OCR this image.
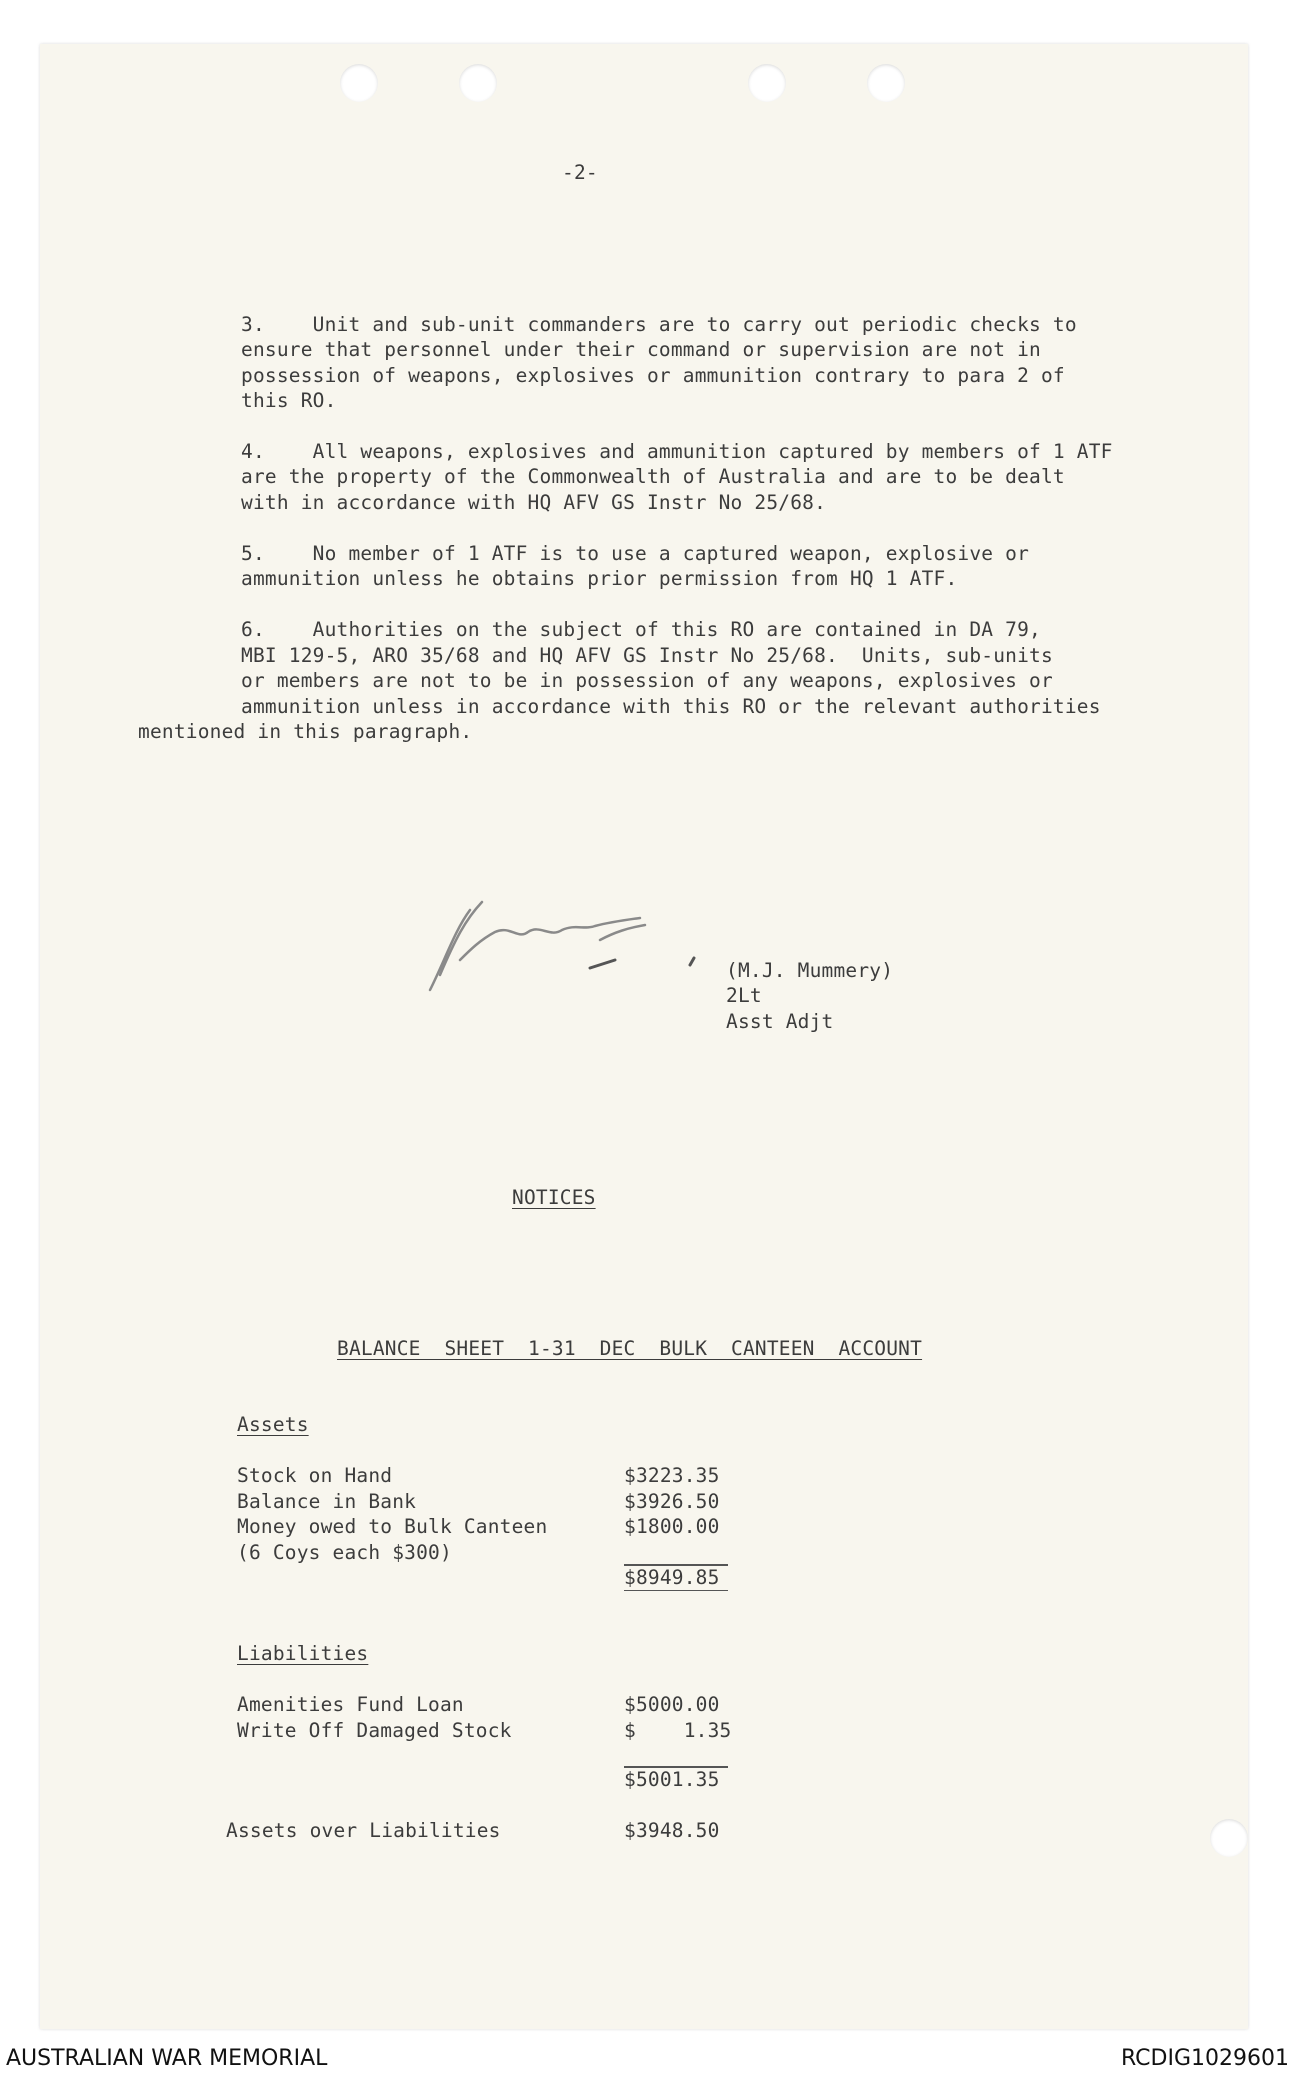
-2-
3.    Unit and sub-unit commanders are to carry out periodic checks to
ensure that personnel under their command or supervision are not in
possession of weapons, explosives or ammunition contrary to para 2 of
this RO.
4.    All weapons, explosives and ammunition captured by members of 1 ATF
are the property of the Commonwealth of Australia and are to be dealt
with in accordance with HQ AFV GS Instr No 25/68.
5.    No member of 1 ATF is to use a captured weapon, explosive or
ammunition unless he obtains prior permission from HQ 1 ATF.
6.    Authorities on the subject of this RO are contained in DA 79,
MBI 129-5, ARO 35/68 and HQ AFV GS Instr No 25/68.  Units, sub-units
or members are not to be in possession of any weapons, explosives or
ammunition unless in accordance with this RO or the relevant authorities
mentioned in this paragraph.
(M.J. Mummery)
2Lt
Asst Adjt
NOTICES
BALANCE  SHEET  1-31  DEC  BULK  CANTEEN  ACCOUNT
Assets
Stock on Hand	$3223.35
Balance in Bank	$3926.50
Money owed to Bulk Canteen	$1800.00
(6 Coys each $300)
$8949.85
Liabilities
Amenities Fund Loan	$5000.00
Write Off Damaged Stock	$    1.35
$5001.35
Assets over Liabilities	$3948.50
AUSTRALIAN WAR MEMORIAL	RCDIG1029601
